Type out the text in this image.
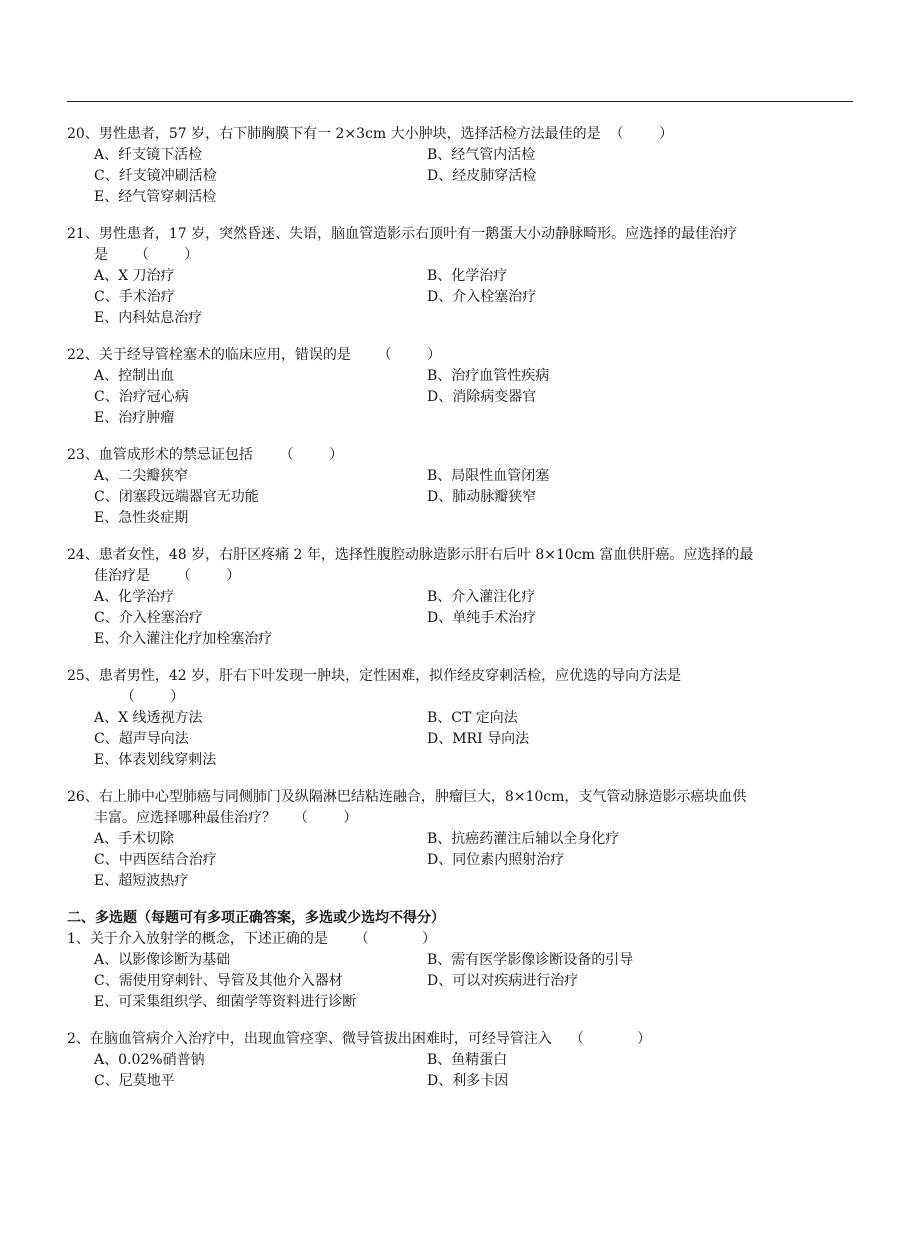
20、男性患者，57 岁，右下肺胸膜下有一 2×3cm 大小肿块，选择活检方法最佳的是  （        ）
A、纤支镜下活检	B、经气管内活检
C、纤支镜冲刷活检	D、经皮肺穿活检
E、经气管穿刺活检
21、男性患者，17 岁，突然昏迷、失语，脑血管造影示右顶叶有一鹅蛋大小动静脉畸形。应选择的最佳治疗
是      （        ）
A、X 刀治疗	B、化学治疗
C、手术治疗	D、介入栓塞治疗
E、内科姑息治疗
22、关于经导管栓塞术的临床应用，错误的是      （        ）
A、控制出血	B、治疗血管性疾病
C、治疗冠心病	D、消除病变器官
E、治疗肿瘤
23、血管成形术的禁忌证包括      （        ）
A、二尖瓣狭窄	B、局限性血管闭塞
C、闭塞段远端器官无功能	D、肺动脉瓣狭窄
E、急性炎症期
24、患者女性，48 岁，右肝区疼痛 2 年，选择性腹腔动脉造影示肝右后叶 8×10cm 富血供肝癌。应选择的最
佳治疗是      （        ）
A、化学治疗	B、介入灌注化疗
C、介入栓塞治疗	D、单纯手术治疗
E、介入灌注化疗加栓塞治疗
25、患者男性，42 岁，肝右下叶发现一肿块，定性困难，拟作经皮穿刺活检，应优选的导向方法是
（        ）
A、X 线透视方法	B、CT 定向法
C、超声导向法	D、MRI 导向法
E、体表划线穿刺法
26、右上肺中心型肺癌与同侧肺门及纵隔淋巴结粘连融合，肿瘤巨大，8×10cm，支气管动脉造影示癌块血供
丰富。应选择哪种最佳治疗？    （        ）
A、手术切除	B、抗癌药灌注后辅以全身化疗
C、中西医结合治疗	D、同位素内照射治疗
E、超短波热疗
二、多选题（每题可有多项正确答案，多选或少选均不得分）
1、关于介入放射学的概念，下述正确的是      （            ）
A、以影像诊断为基础	B、需有医学影像诊断设备的引导
C、需使用穿刺针、导管及其他介入器材	D、可以对疾病进行治疗
E、可采集组织学、细菌学等资料进行诊断
2、在脑血管病介入治疗中，出现血管痉挛、微导管拔出困难时，可经导管注入    （            ）
A、0.02%硝普钠	B、鱼精蛋白
C、尼莫地平	D、利多卡因
